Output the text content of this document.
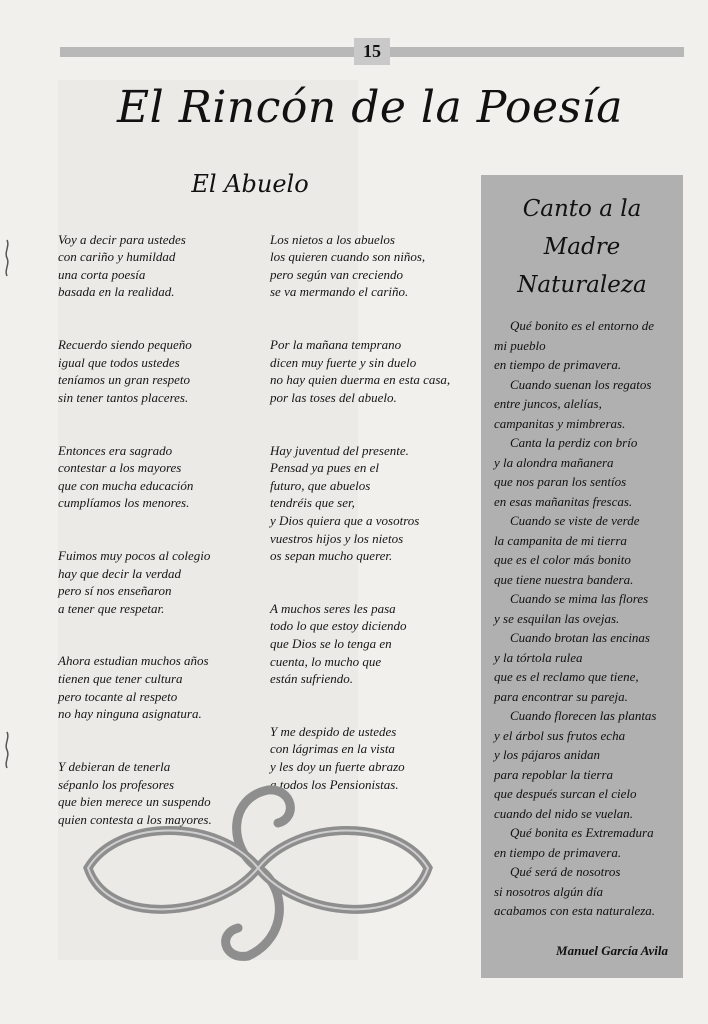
15
El Rincón de la Poesía
El Abuelo

Voy a decir para ustedes
con cariño y humildad
una corta poesía
basada en la realidad.

Recuerdo siendo pequeño
igual que todos ustedes
teníamos un gran respeto
sin tener tantos placeres.

Entonces era sagrado
contestar a los mayores
que con mucha educación
cumplíamos los menores.

Fuimos muy pocos al colegio
hay que decir la verdad
pero sí nos enseñaron
a tener que respetar.

Ahora estudian muchos años
tienen que tener cultura
pero tocante al respeto
no hay ninguna asignatura.

Y debieran de tenerla
sépanlo los profesores
que bien merece un suspendo
quien contesta a los mayores.

Los nietos a los abuelos
los quieren cuando son niños,
pero según van creciendo
se va mermando el cariño.

Por la mañana temprano
dicen muy fuerte y sin duelo
no hay quien duerma en esta casa,
por las toses del abuelo.

Hay juventud del presente.
Pensad ya pues en el
futuro, que abuelos
tendréis que ser,
y Dios quiera que a vosotros
vuestros hijos y los nietos
os sepan mucho querer.

A muchos seres les pasa
todo lo que estoy diciendo
que Dios se lo tenga en
cuenta, lo mucho que
están sufriendo.

Y me despido de ustedes
con lágrimas en la vista
y les doy un fuerte abrazo
a todos los Pensionistas.

Canto a la
Madre
Naturaleza
Qué bonito es el entorno de
mi pueblo
en tiempo de primavera.
Cuando suenan los regatos
entre juncos, alelías,
campanitas y mimbreras.
Canta la perdiz con brío
y la alondra mañanera
que nos paran los sentíos
en esas mañanitas frescas.
Cuando se viste de verde
la campanita de mi tierra
que es el color más bonito
que tiene nuestra bandera.
Cuando se mima las flores
y se esquilan las ovejas.
Cuando brotan las encinas
y la tórtola rulea
que es el reclamo que tiene,
para encontrar su pareja.
Cuando florecen las plantas
y el árbol sus frutos echa
y los pájaros anidan
para repoblar la tierra
que después surcan el cielo
cuando del nido se vuelan.
Qué bonita es Extremadura
en tiempo de primavera.
Qué será de nosotros
si nosotros algún día
acabamos con esta naturaleza.
Manuel García Avila
